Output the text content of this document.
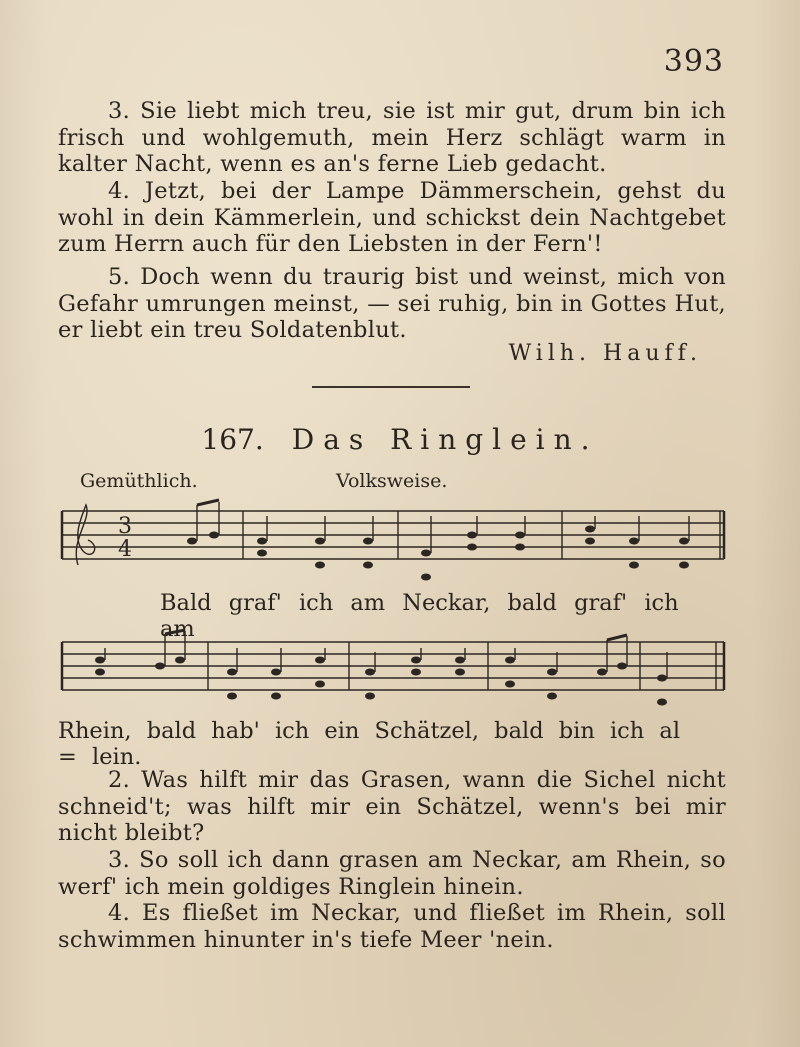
393
3. Sie liebt mich treu, sie ist mir gut, drum bin ich frisch und wohlgemuth, mein Herz schlägt warm in kalter Nacht, wenn es an's ferne Lieb gedacht.
4. Jetzt, bei der Lampe Dämmerschein, gehst du wohl in dein Kämmerlein, und schickst dein Nachtgebet zum Herrn auch für den Liebsten in der Fern'!
5. Doch wenn du traurig bist und weinst, mich von Gefahr umrungen meinst, — sei ruhig, bin in Gottes Hut, er liebt ein treu Soldatenblut.
Wilh. Hauff.
167. Das Ringlein.
Gemüthlich.	Volksweise.
3
4
Bald graf' ich am Neckar, bald graf' ich am
Rhein, bald hab' ich ein Schätzel, bald bin ich al = lein.
2. Was hilft mir das Grasen, wann die Sichel nicht schneid't; was hilft mir ein Schätzel, wenn's bei mir nicht bleibt?
3. So soll ich dann grasen am Neckar, am Rhein, so werf' ich mein goldiges Ringlein hinein.
4. Es fließet im Neckar, und fließet im Rhein, soll schwimmen hinunter in's tiefe Meer 'nein.
